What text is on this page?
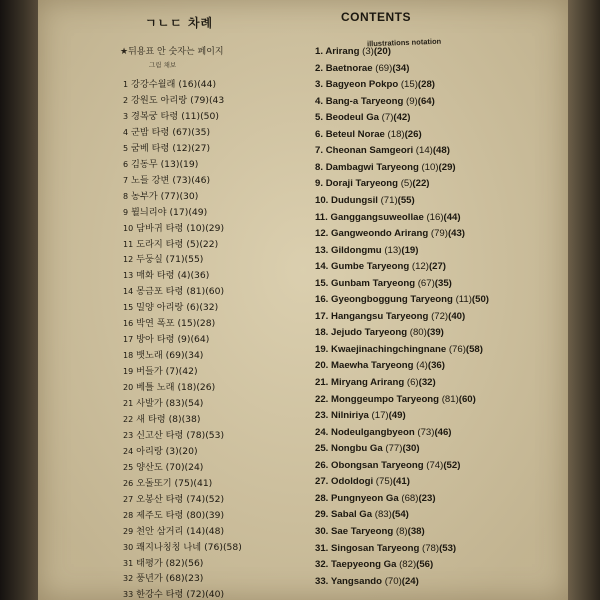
ㄱㄴㄷ 차례
★뒤용표 안 숫자는 페이지
그림 채보
1 강강수월래 (16)(44)
2 강원도 아리랑 (79)(43
3 경복궁 타령 (11)(50)
4 군밤 타령 (67)(35)
5 굼베 타령 (12)(27)
6 김동무 (13)(19)
7 노들 강변 (73)(46)
8 농부가 (77)(30)
9 뷜늬리야 (17)(49)
10 담바귀 타령 (10)(29)
11 도라지 타령 (5)(22)
12 두둥실 (71)(55)
13 매화 타령 (4)(36)
14 몽금포 타령 (81)(60)
15 밀양 아리랑 (6)(32)
16 박연 폭포 (15)(28)
17 방아 타령 (9)(64)
18 뱃노래 (69)(34)
19 버들가 (7)(42)
20 베틀 노래 (18)(26)
21 사발가 (83)(54)
22 새 타령 (8)(38)
23 신고산 타령 (78)(53)
24 아리랑 (3)(20)
25 양산도 (70)(24)
26 오돌또기 (75)(41)
27 오봉산 타령 (74)(52)
28 제주도 타령 (80)(39)
29 천안 삼거리 (14)(48)
30 쾌지나칭칭 나네 (76)(58)
31 태평가 (82)(56)
32 풍년가 (68)(23)
33 한강수 타령 (72)(40)
CONTENTS
illustrations notation
1. Arirang (3)(20)
2. Baetnorae (69)(34)
3. Bagyeon Pokpo (15)(28)
4. Bang-a Taryeong (9)(64)
5. Beodeul Ga (7)(42)
6. Beteul Norae (18)(26)
7. Cheonan Samgeori (14)(48)
8. Dambagwi Taryeong (10)(29)
9. Doraji Taryeong (5)(22)
10. Dudungsil (71)(55)
11. Ganggangsuweollae (16)(44)
12. Gangweondo Arirang (79)(43)
13. Gildongmu (13)(19)
14. Gumbe Taryeong (12)(27)
15. Gunbam Taryeong (67)(35)
16. Gyeongboggung Taryeong (11)(50)
17. Hangangsu Taryeong (72)(40)
18. Jejudo Taryeong (80)(39)
19. Kwaejinachingchingnane (76)(58)
20. Maewha Taryeong (4)(36)
21. Miryang Arirang (6)(32)
22. Monggeumpo Taryeong (81)(60)
23. Nilniriya (17)(49)
24. Nodeulgangbyeon (73)(46)
25. Nongbu Ga (77)(30)
26. Obongsan Taryeong (74)(52)
27. Odoldogi (75)(41)
28. Pungnyeon Ga (68)(23)
29. Sabal Ga (83)(54)
30. Sae Taryeong (8)(38)
31. Singosan Taryeong (78)(53)
32. Taepyeong Ga (82)(56)
33. Yangsando (70)(24)
